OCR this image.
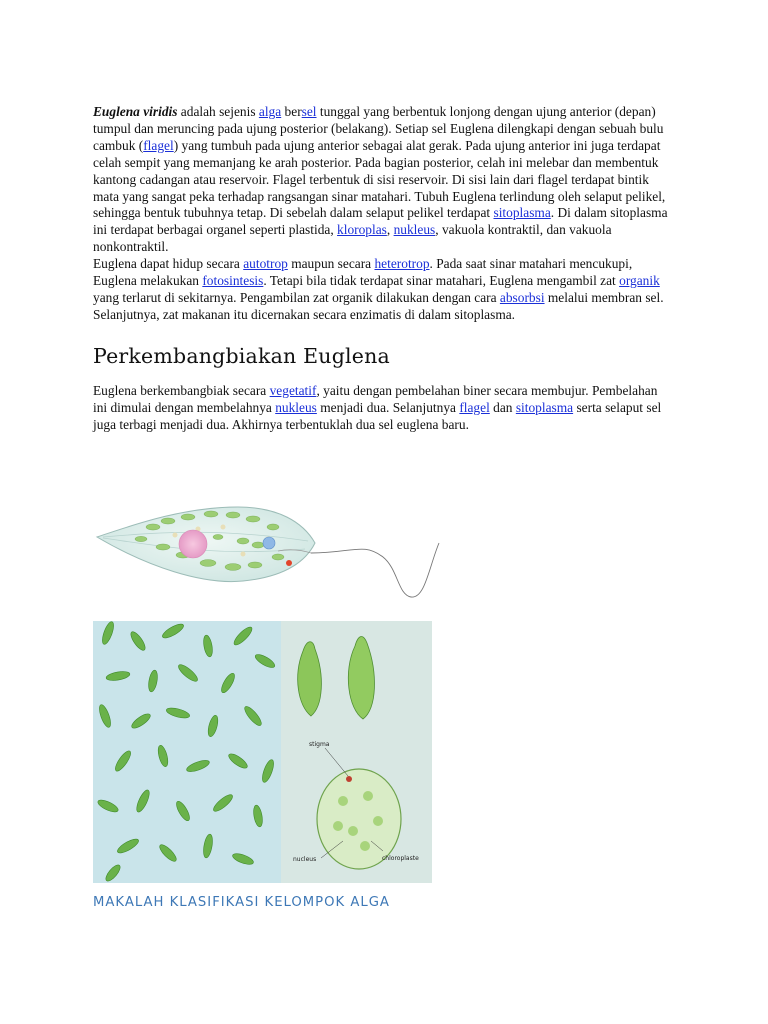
Euglena viridis adalah sejenis alga bersel tunggal yang berbentuk lonjong dengan ujung anterior (depan) tumpul dan meruncing pada ujung posterior (belakang). Setiap sel Euglena dilengkapi dengan sebuah bulu cambuk (flagel) yang tumbuh pada ujung anterior sebagai alat gerak. Pada ujung anterior ini juga terdapat celah sempit yang memanjang ke arah posterior. Pada bagian posterior, celah ini melebar dan membentuk kantong cadangan atau reservoir. Flagel terbentuk di sisi reservoir. Di sisi lain dari flagel terdapat bintik mata yang sangat peka terhadap rangsangan sinar matahari. Tubuh Euglena terlindung oleh selaput pelikel, sehingga bentuk tubuhnya tetap. Di sebelah dalam selaput pelikel terdapat sitoplasma. Di dalam sitoplasma ini terdapat berbagai organel seperti plastida, kloroplas, nukleus, vakuola kontraktil, dan vakuola nonkontraktil.

Euglena dapat hidup secara autotrop maupun secara heterotrop. Pada saat sinar matahari mencukupi, Euglena melakukan fotosintesis. Tetapi bila tidak terdapat sinar matahari, Euglena mengambil zat organik yang terlarut di sekitarnya. Pengambilan zat organik dilakukan dengan cara absorbsi melalui membran sel. Selanjutnya, zat makanan itu dicernakan secara enzimatis di dalam sitoplasma.

Perkembangbiakan Euglena

Euglena berkembangbiak secara vegetatif, yaitu dengan pembelahan biner secara membujur. Pembelahan ini dimulai dengan membelahnya nukleus menjadi dua. Selanjutnya flagel dan sitoplasma serta selaput sel juga terbagi menjadi dua. Akhirnya terbentuklah dua sel euglena baru.

stigma
nucleus	chloroplaste
MAKALAH KLASIFIKASI KELOMPOK ALGA
